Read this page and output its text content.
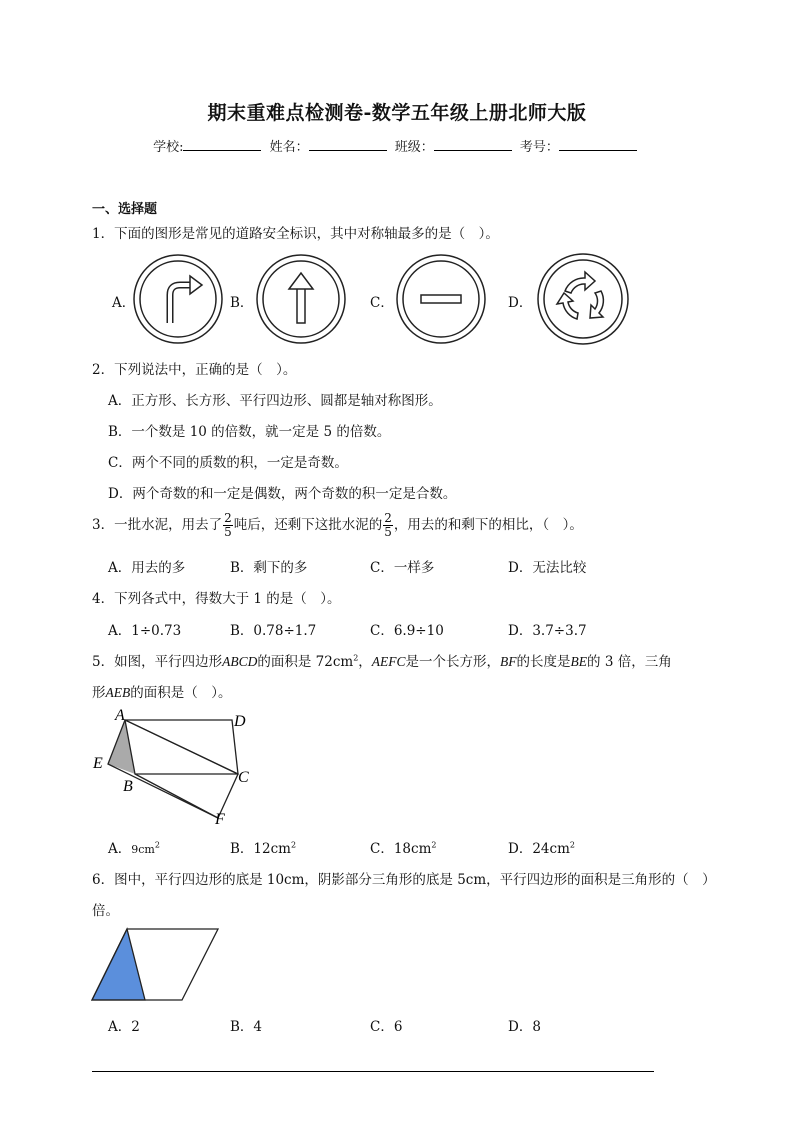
期末重难点检测卷-数学五年级上册北师大版
学校:	姓名：	班级：	考号：
一、选择题
1．下面的图形是常见的道路安全标识，其中对称轴最多的是（　）。
A．	B．	C．	D．
2．下列说法中，正确的是（　）。
A．正方形、长方形、平行四边形、圆都是轴对称图形。
B．一个数是 10 的倍数，就一定是 5 的倍数。
C．两个不同的质数的积，一定是奇数。
D．两个奇数的和一定是偶数，两个奇数的积一定是合数。
3．一批水泥，用去了 $\frac{2}{5}$ 吨后，还剩下这批水泥的 $\frac{2}{5}$ ，用去的和剩下的相比，（　）。
A．用去的多	B．剩下的多	C．一样多	D．无法比较
4．下列各式中，得数大于 1 的是（　）。
A．1÷0.73	B．0.78÷1.7	C．6.9÷10	D．3.7÷3.7
5．如图，平行四边形ABCD的面积是 $72cm^2$，AEFC是一个长方形，BF的长度是BE的 3 倍，三角
形AEB的面积是（　）。
A	D
E
B
C
F
A．$9cm^2$	B．$12cm^2$	C．$18cm^2$	D．$24cm^2$
6．图中，平行四边形的底是 10cm，阴影部分三角形的底是 5cm，平行四边形的面积是三角形的（　）
倍。
A．2	B．4	C．6	D．8
